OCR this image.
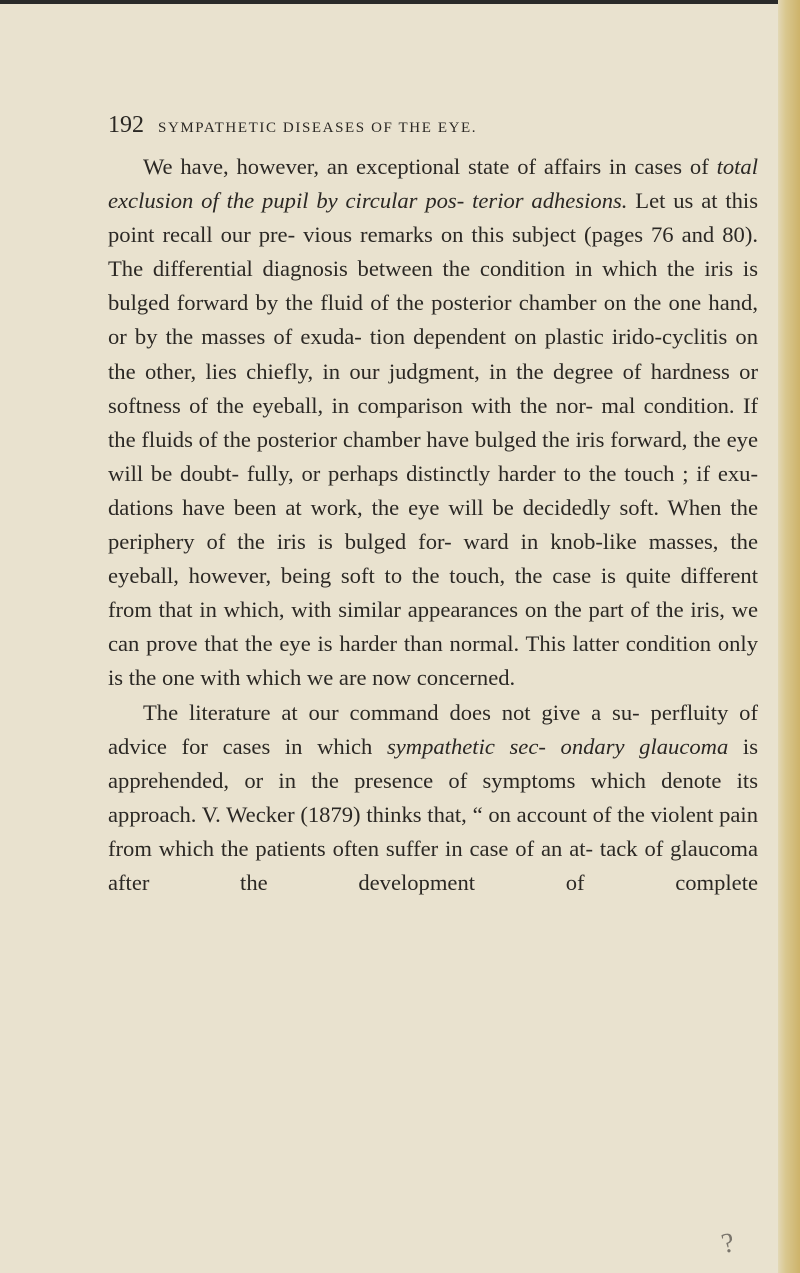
192 SYMPATHETIC DISEASES OF THE EYE.

We have, however, an exceptional state of affairs in cases of total exclusion of the pupil by circular pos- terior adhesions. Let us at this point recall our pre- vious remarks on this subject (pages 76 and 80). The differential diagnosis between the condition in which the iris is bulged forward by the fluid of the posterior chamber on the one hand, or by the masses of exuda- tion dependent on plastic irido-cyclitis on the other, lies chiefly, in our judgment, in the degree of hardness or softness of the eyeball, in comparison with the nor- mal condition. If the fluids of the posterior chamber have bulged the iris forward, the eye will be doubt- fully, or perhaps distinctly harder to the touch ; if exu- dations have been at work, the eye will be decidedly soft. When the periphery of the iris is bulged for- ward in knob-like masses, the eyeball, however, being soft to the touch, the case is quite different from that in which, with similar appearances on the part of the iris, we can prove that the eye is harder than normal. This latter condition only is the one with which we are now concerned.

The literature at our command does not give a su- perfluity of advice for cases in which sympathetic sec- ondary glaucoma is apprehended, or in the presence of symptoms which denote its approach. V. Wecker (1879) thinks that, “ on account of the violent pain from which the patients often suffer in case of an at- tack of glaucoma after the development of complete

?
